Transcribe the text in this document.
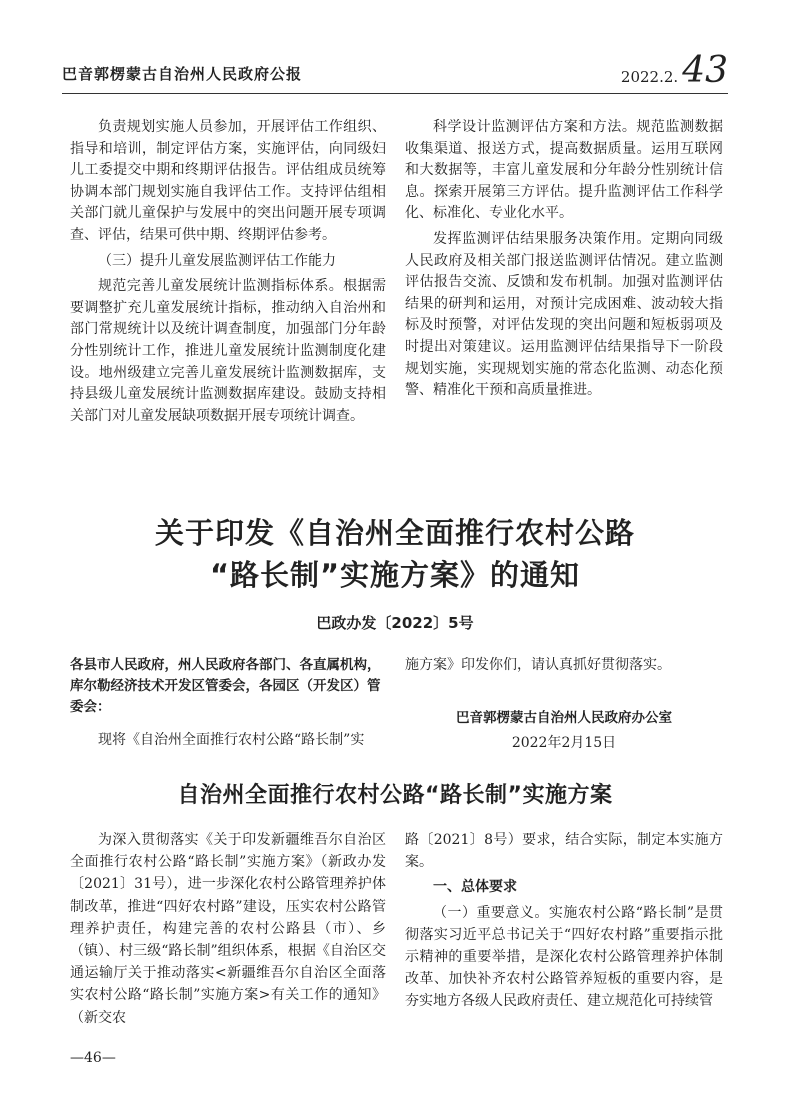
巴音郭楞蒙古自治州人民政府公报	2022.2. 43

负责规划实施人员参加，开展评估工作组织、指导和培训，制定评估方案，实施评估，向同级妇儿工委提交中期和终期评估报告。评估组成员统筹协调本部门规划实施自我评估工作。支持评估组相关部门就儿童保护与发展中的突出问题开展专项调查、评估，结果可供中期、终期评估参考。

（三）提升儿童发展监测评估工作能力

规范完善儿童发展统计监测指标体系。根据需要调整扩充儿童发展统计指标，推动纳入自治州和部门常规统计以及统计调查制度，加强部门分年龄分性别统计工作，推进儿童发展统计监测制度化建设。地州级建立完善儿童发展统计监测数据库，支持县级儿童发展统计监测数据库建设。鼓励支持相关部门对儿童发展缺项数据开展专项统计调查。

科学设计监测评估方案和方法。规范监测数据收集渠道、报送方式，提高数据质量。运用互联网和大数据等，丰富儿童发展和分年龄分性别统计信息。探索开展第三方评估。提升监测评估工作科学化、标准化、专业化水平。

发挥监测评估结果服务决策作用。定期向同级人民政府及相关部门报送监测评估情况。建立监测评估报告交流、反馈和发布机制。加强对监测评估结果的研判和运用，对预计完成困难、波动较大指标及时预警，对评估发现的突出问题和短板弱项及时提出对策建议。运用监测评估结果指导下一阶段规划实施，实现规划实施的常态化监测、动态化预警、精准化干预和高质量推进。

关于印发《自治州全面推行农村公路
“路长制”实施方案》的通知
巴政办发〔2022〕5号
各县市人民政府，州人民政府各部门、各直属机构，库尔勒经济技术开发区管委会，各园区（开发区）管委会：
现将《自治州全面推行农村公路“路长制”实
施方案》印发你们，请认真抓好贯彻落实。
巴音郭楞蒙古自治州人民政府办公室
2022年2月15日
自治州全面推行农村公路“路长制”实施方案

为深入贯彻落实《关于印发新疆维吾尔自治区全面推行农村公路“路长制”实施方案》（新政办发〔2021〕31号），进一步深化农村公路管理养护体制改革，推进“四好农村路”建设，压实农村公路管理养护责任，构建完善的农村公路县（市）、乡（镇）、村三级“路长制”组织体系，根据《自治区交通运输厅关于推动落实<新疆维吾尔自治区全面落实农村公路“路长制”实施方案>有关工作的通知》（新交农

路〔2021〕8号）要求，结合实际，制定本实施方案。

一、总体要求

（一）重要意义。实施农村公路“路长制”是贯彻落实习近平总书记关于“四好农村路”重要指示批示精神的重要举措，是深化农村公路管理养护体制改革、加快补齐农村公路管养短板的重要内容，是夯实地方各级人民政府责任、建立规范化可持续管

—46—
